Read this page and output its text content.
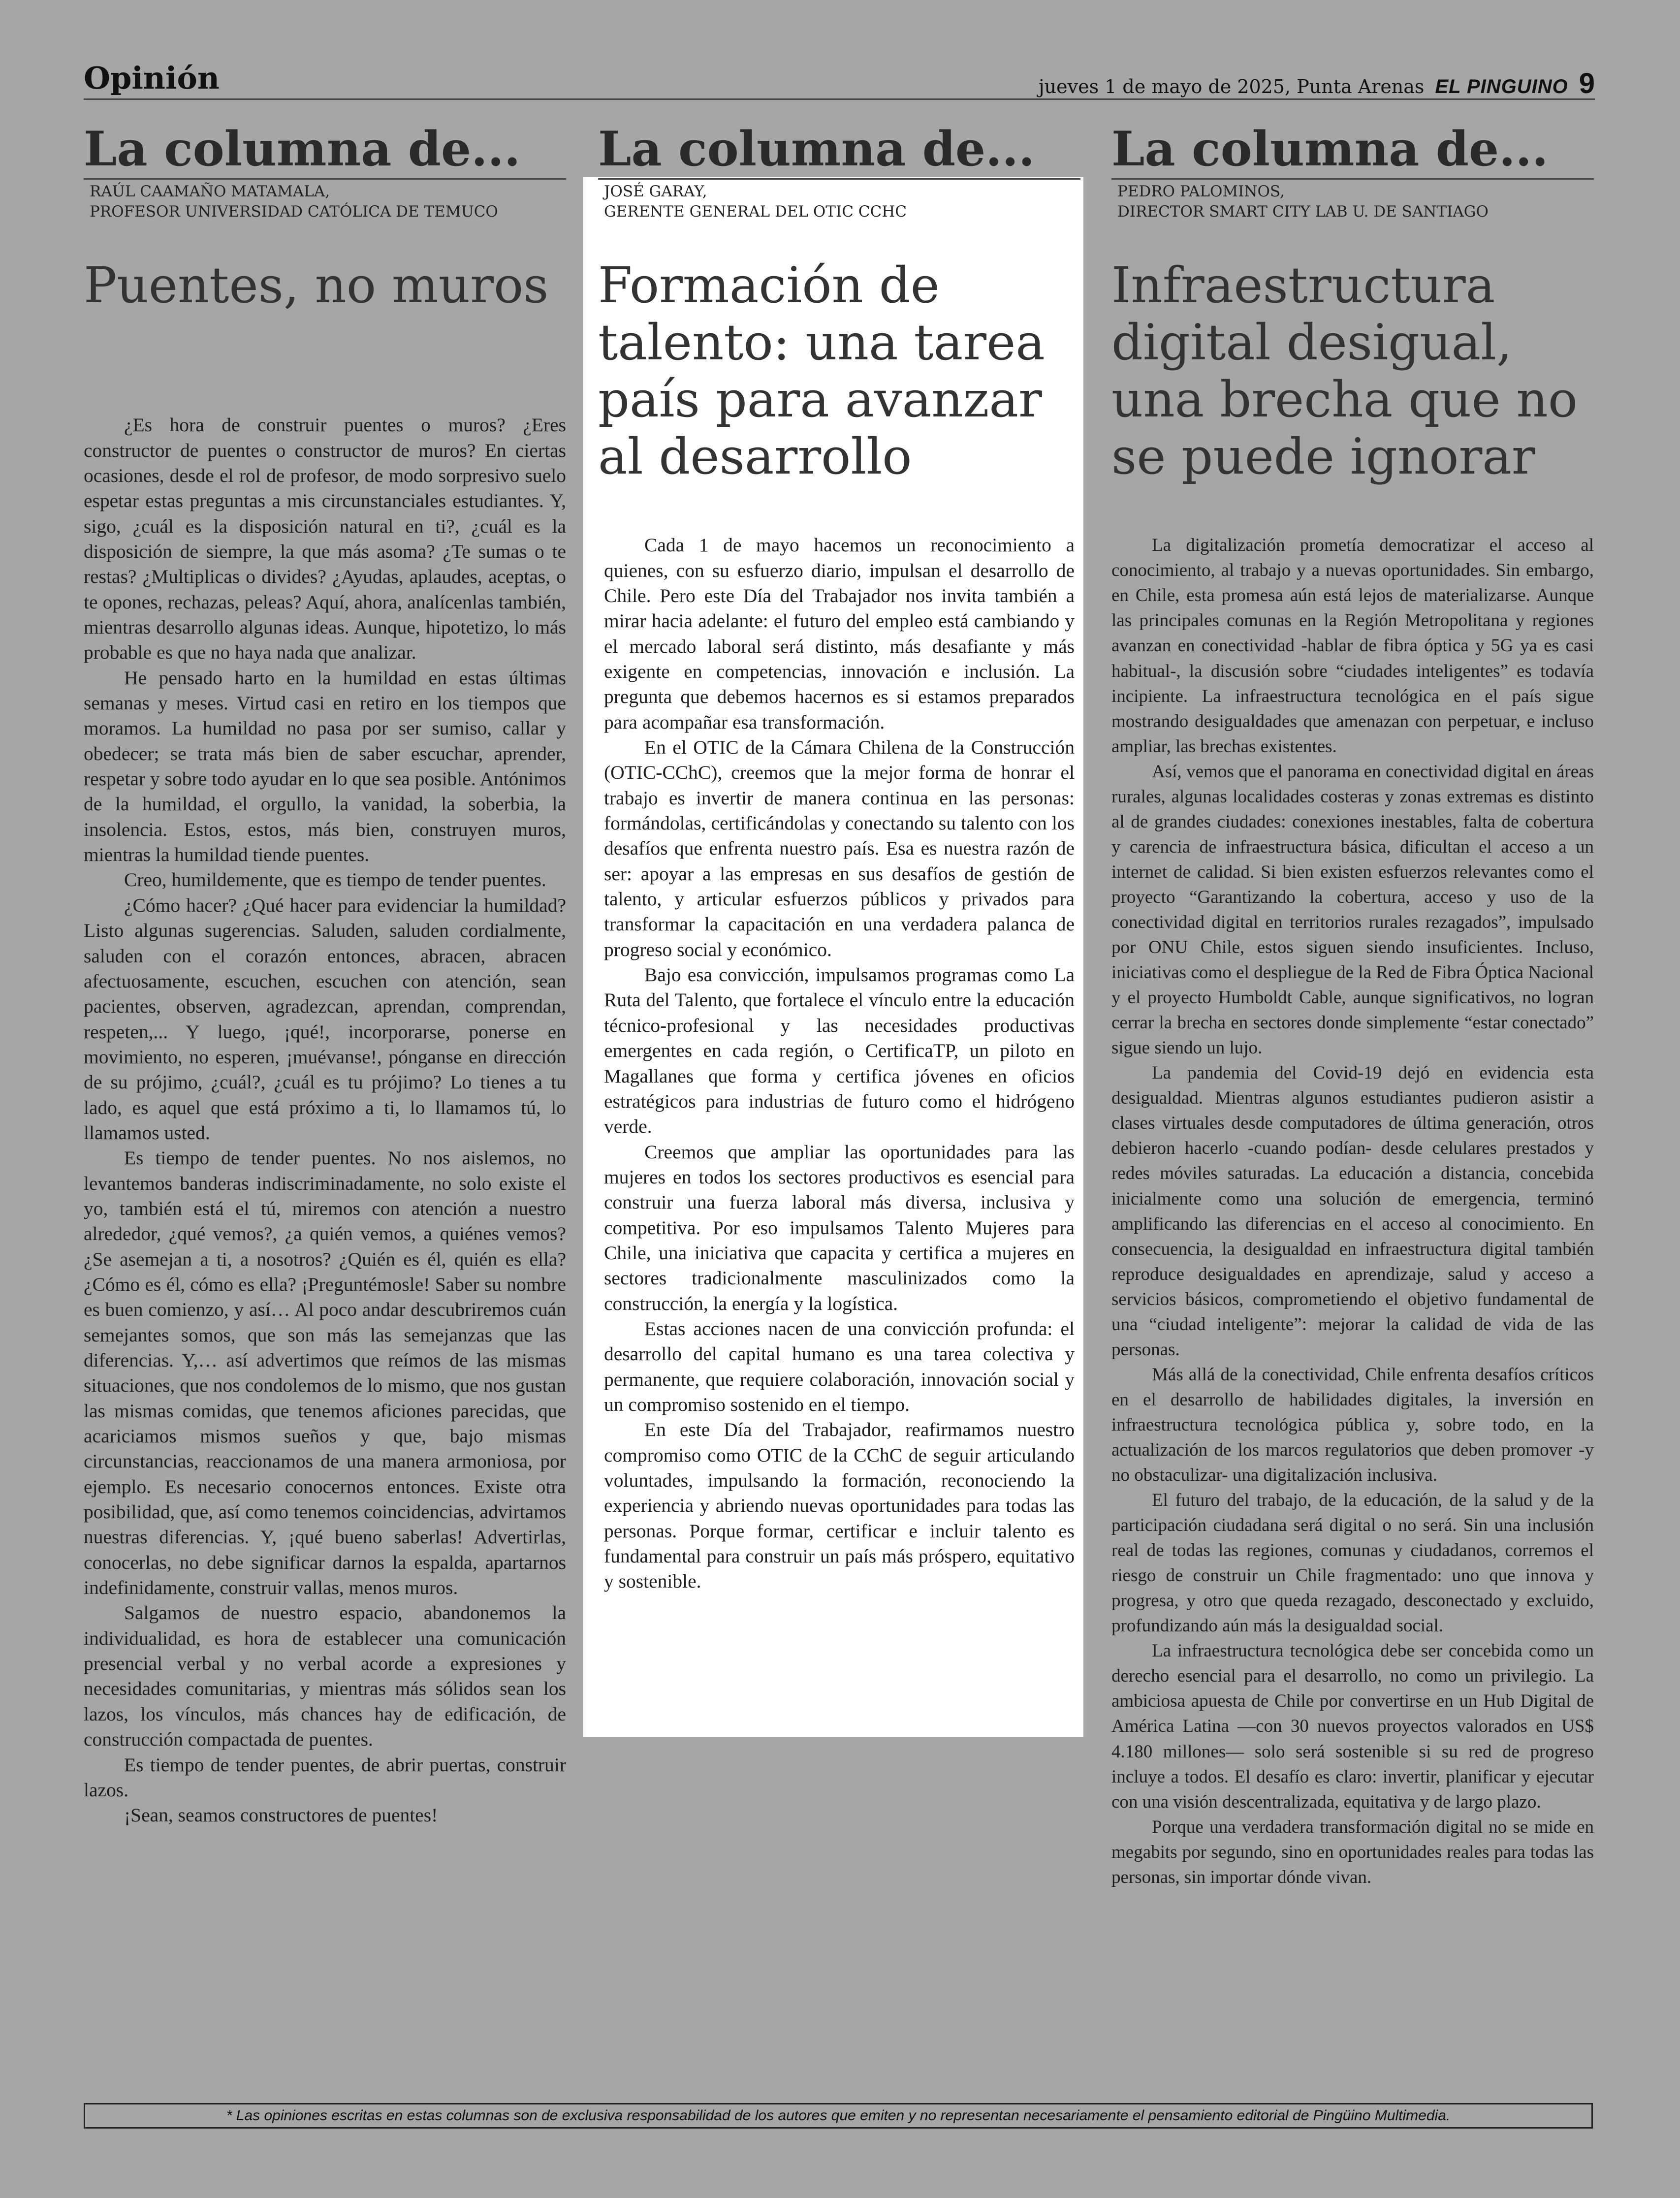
Opinión	jueves 1 de mayo de 2025, Punta Arenas EL PINGUINO 9
La columna de...
RAÚL CAAMAÑO MATAMALA,
PROFESOR UNIVERSIDAD CATÓLICA DE TEMUCO
Puentes, no muros

¿Es hora de construir puentes o muros? ¿Eres constructor de puentes o constructor de muros? En ciertas ocasiones, desde el rol de profesor, de modo sorpresivo suelo espetar estas preguntas a mis circunstanciales estudiantes. Y, sigo, ¿cuál es la disposición natural en ti?, ¿cuál es la disposición de siempre, la que más asoma? ¿Te sumas o te restas? ¿Multiplicas o divides? ¿Ayudas, aplaudes, aceptas, o te opones, rechazas, peleas? Aquí, ahora, analícenlas también, mientras desarrollo algunas ideas. Aunque, hipotetizo, lo más probable es que no haya nada que analizar.

He pensado harto en la humildad en estas últimas semanas y meses. Virtud casi en retiro en los tiempos que moramos. La humildad no pasa por ser sumiso, callar y obedecer; se trata más bien de saber escuchar, aprender, respetar y sobre todo ayudar en lo que sea posible. Antónimos de la humildad, el orgullo, la vanidad, la soberbia, la insolencia. Estos, estos, más bien, construyen muros, mientras la humildad tiende puentes.

Creo, humildemente, que es tiempo de tender puentes.

¿Cómo hacer? ¿Qué hacer para evidenciar la humildad? Listo algunas sugerencias. Saluden, saluden cordialmente, saluden con el corazón entonces, abracen, abracen afectuosamente, escuchen, escuchen con atención, sean pacientes, observen, agradezcan, aprendan, comprendan, respeten,... Y luego, ¡qué!, incorporarse, ponerse en movimiento, no esperen, ¡muévanse!, pónganse en dirección de su prójimo, ¿cuál?, ¿cuál es tu prójimo? Lo tienes a tu lado, es aquel que está próximo a ti, lo llamamos tú, lo llamamos usted.

Es tiempo de tender puentes. No nos aislemos, no levantemos banderas indiscriminadamente, no solo existe el yo, también está el tú, miremos con atención a nuestro alrededor, ¿qué vemos?, ¿a quién vemos, a quiénes vemos? ¿Se asemejan a ti, a nosotros? ¿Quién es él, quién es ella? ¿Cómo es él, cómo es ella? ¡Preguntémosle! Saber su nombre es buen comienzo, y así… Al poco andar descubriremos cuán semejantes somos, que son más las semejanzas que las diferencias. Y,… así advertimos que reímos de las mismas situaciones, que nos condolemos de lo mismo, que nos gustan las mismas comidas, que tenemos aficiones parecidas, que acariciamos mismos sueños y que, bajo mismas circunstancias, reaccionamos de una manera armoniosa, por ejemplo. Es necesario conocernos entonces. Existe otra posibilidad, que, así como tenemos coincidencias, advirtamos nuestras diferencias. Y, ¡qué bueno saberlas! Advertirlas, conocerlas, no debe significar darnos la espalda, apartarnos indefinidamente, construir vallas, menos muros.

Salgamos de nuestro espacio, abandonemos la individualidad, es hora de establecer una comunicación presencial verbal y no verbal acorde a expresiones y necesidades comunitarias, y mientras más sólidos sean los lazos, los vínculos, más chances hay de edificación, de construcción compactada de puentes.

Es tiempo de tender puentes, de abrir puertas, construir lazos.

¡Sean, seamos constructores de puentes!

La columna de...
JOSÉ GARAY,
GERENTE GENERAL DEL OTIC CCHC
Formación de talento: una tarea país para avanzar al desarrollo

Cada 1 de mayo hacemos un reconocimiento a quienes, con su esfuerzo diario, impulsan el desarrollo de Chile. Pero este Día del Trabajador nos invita también a mirar hacia adelante: el futuro del empleo está cambiando y el mercado laboral será distinto, más desafiante y más exigente en competencias, innovación e inclusión. La pregunta que debemos hacernos es si estamos preparados para acompañar esa transformación.

En el OTIC de la Cámara Chilena de la Construcción (OTIC-CChC), creemos que la mejor forma de honrar el trabajo es invertir de manera continua en las personas: formándolas, certificándolas y conectando su talento con los desafíos que enfrenta nuestro país. Esa es nuestra razón de ser: apoyar a las empresas en sus desafíos de gestión de talento, y articular esfuerzos públicos y privados para transformar la capacitación en una verdadera palanca de progreso social y económico.

Bajo esa convicción, impulsamos programas como La Ruta del Talento, que fortalece el vínculo entre la educación técnico-profesional y las necesidades productivas emergentes en cada región, o CertificaTP, un piloto en Magallanes que forma y certifica jóvenes en oficios estratégicos para industrias de futuro como el hidrógeno verde.

Creemos que ampliar las oportunidades para las mujeres en todos los sectores productivos es esencial para construir una fuerza laboral más diversa, inclusiva y competitiva. Por eso impulsamos Talento Mujeres para Chile, una iniciativa que capacita y certifica a mujeres en sectores tradicionalmente masculinizados como la construcción, la energía y la logística.

Estas acciones nacen de una convicción profunda: el desarrollo del capital humano es una tarea colectiva y permanente, que requiere colaboración, innovación social y un compromiso sostenido en el tiempo.

En este Día del Trabajador, reafirmamos nuestro compromiso como OTIC de la CChC de seguir articulando voluntades, impulsando la formación, reconociendo la experiencia y abriendo nuevas oportunidades para todas las personas. Porque formar, certificar e incluir talento es fundamental para construir un país más próspero, equitativo y sostenible.

La columna de...
PEDRO PALOMINOS,
DIRECTOR SMART CITY LAB U. DE SANTIAGO
Infraestructura digital desigual, una brecha que no se puede ignorar

La digitalización prometía democratizar el acceso al conocimiento, al trabajo y a nuevas oportunidades. Sin embargo, en Chile, esta promesa aún está lejos de materializarse. Aunque las principales comunas en la Región Metropolitana y regiones avanzan en conectividad -hablar de fibra óptica y 5G ya es casi habitual-, la discusión sobre “ciudades inteligentes” es todavía incipiente. La infraestructura tecnológica en el país sigue mostrando desigualdades que amenazan con perpetuar, e incluso ampliar, las brechas existentes.

Así, vemos que el panorama en conectividad digital en áreas rurales, algunas localidades costeras y zonas extremas es distinto al de grandes ciudades: conexiones inestables, falta de cobertura y carencia de infraestructura básica, dificultan el acceso a un internet de calidad. Si bien existen esfuerzos relevantes como el proyecto “Garantizando la cobertura, acceso y uso de la conectividad digital en territorios rurales rezagados”, impulsado por ONU Chile, estos siguen siendo insuficientes. Incluso, iniciativas como el despliegue de la Red de Fibra Óptica Nacional y el proyecto Humboldt Cable, aunque significativos, no logran cerrar la brecha en sectores donde simplemente “estar conectado” sigue siendo un lujo.

La pandemia del Covid-19 dejó en evidencia esta desigualdad. Mientras algunos estudiantes pudieron asistir a clases virtuales desde computadores de última generación, otros debieron hacerlo -cuando podían- desde celulares prestados y redes móviles saturadas. La educación a distancia, concebida inicialmente como una solución de emergencia, terminó amplificando las diferencias en el acceso al conocimiento. En consecuencia, la desigualdad en infraestructura digital también reproduce desigualdades en aprendizaje, salud y acceso a servicios básicos, comprometiendo el objetivo fundamental de una “ciudad inteligente”: mejorar la calidad de vida de las personas.

Más allá de la conectividad, Chile enfrenta desafíos críticos en el desarrollo de habilidades digitales, la inversión en infraestructura tecnológica pública y, sobre todo, en la actualización de los marcos regulatorios que deben promover -y no obstaculizar- una digitalización inclusiva.

El futuro del trabajo, de la educación, de la salud y de la participación ciudadana será digital o no será. Sin una inclusión real de todas las regiones, comunas y ciudadanos, corremos el riesgo de construir un Chile fragmentado: uno que innova y progresa, y otro que queda rezagado, desconectado y excluido, profundizando aún más la desigualdad social.

La infraestructura tecnológica debe ser concebida como un derecho esencial para el desarrollo, no como un privilegio. La ambiciosa apuesta de Chile por convertirse en un Hub Digital de América Latina —con 30 nuevos proyectos valorados en US$ 4.180 millones— solo será sostenible si su red de progreso incluye a todos. El desafío es claro: invertir, planificar y ejecutar con una visión descentralizada, equitativa y de largo plazo.

Porque una verdadera transformación digital no se mide en megabits por segundo, sino en oportunidades reales para todas las personas, sin importar dónde vivan.

* Las opiniones escritas en estas columnas son de exclusiva responsabilidad de los autores que emiten y no representan necesariamente el pensamiento editorial de Pingüino Multimedia.
